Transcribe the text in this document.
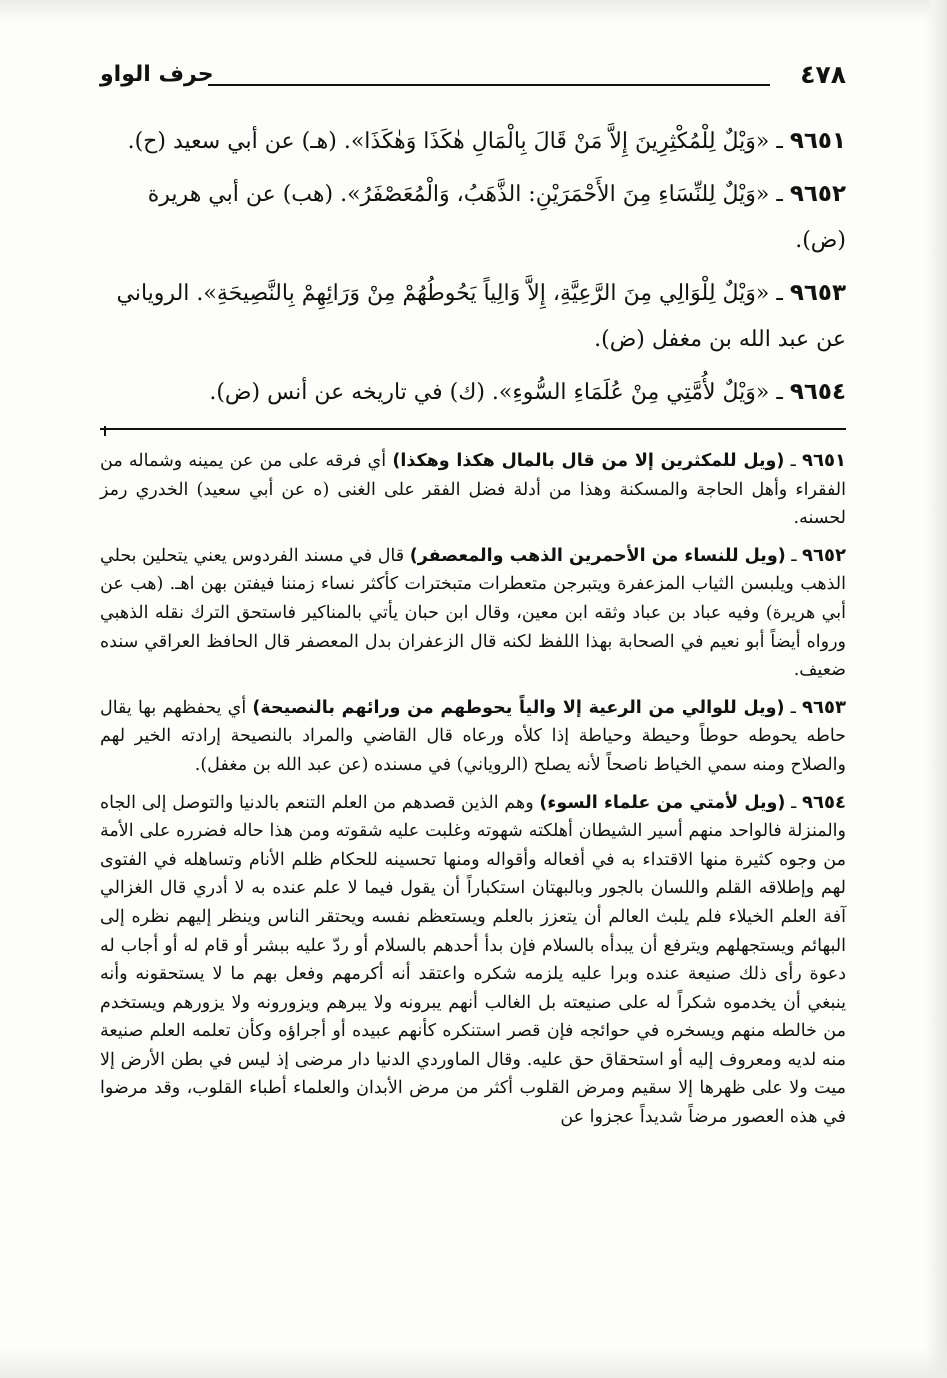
٤٧٨
حرف الواو

٩٦٥١ ـ «وَيْلٌ لِلْمُكْثِرِينَ إِلاَّ مَنْ قَالَ بِالْمَالِ هٰكَذَا وَهٰكَذَا». (هـ) عن أبي سعيد (ح).

٩٦٥٢ ـ «وَيْلٌ لِلنِّسَاءِ مِنَ الأَحْمَرَيْنِ: الذَّهَبُ، وَالْمُعَصْفَرُ». (هب) عن أبي هريرة (ض).

٩٦٥٣ ـ «وَيْلٌ لِلْوَالِي مِنَ الرَّعِيَّةِ، إِلاَّ وَالِياً يَحُوطُهُمْ مِنْ وَرَائِهِمْ بِالنَّصِيحَةِ». الروياني عن عبد الله بن مغفل (ض).

٩٦٥٤ ـ «وَيْلٌ لأُمَّتِي مِنْ عُلَمَاءِ السُّوءِ». (ك) في تاريخه عن أنس (ض).

٩٦٥١ ـ (ويل للمكثرين إلا من قال بالمال هكذا وهكذا) أي فرقه على من عن يمينه وشماله من الفقراء وأهل الحاجة والمسكنة وهذا من أدلة فضل الفقر على الغنى (ه عن أبي سعيد) الخدري رمز لحسنه.

٩٦٥٢ ـ (ويل للنساء من الأحمرين الذهب والمعصفر) قال في مسند الفردوس يعني يتحلين بحلي الذهب ويلبسن الثياب المزعفرة ويتبرجن متعطرات متبخترات كأكثر نساء زمننا فيفتن بهن اهـ. (هب عن أبي هريرة) وفيه عباد بن عباد وثقه ابن معين، وقال ابن حبان يأتي بالمناكير فاستحق الترك نقله الذهبي ورواه أيضاً أبو نعيم في الصحابة بهذا اللفظ لكنه قال الزعفران بدل المعصفر قال الحافظ العراقي سنده ضعيف.

٩٦٥٣ ـ (ويل للوالي من الرعية إلا والياً يحوطهم من ورائهم بالنصيحة) أي يحفظهم بها يقال حاطه يحوطه حوطاً وحيطة وحياطة إذا كلأه ورعاه قال القاضي والمراد بالنصيحة إرادته الخير لهم والصلاح ومنه سمي الخياط ناصحاً لأنه يصلح (الروياني) في مسنده (عن عبد الله بن مغفل).

٩٦٥٤ ـ (ويل لأمتي من علماء السوء) وهم الذين قصدهم من العلم التنعم بالدنيا والتوصل إلى الجاه والمنزلة فالواحد منهم أسير الشيطان أهلكته شهوته وغلبت عليه شقوته ومن هذا حاله فضرره على الأمة من وجوه كثيرة منها الاقتداء به في أفعاله وأقواله ومنها تحسينه للحكام ظلم الأنام وتساهله في الفتوى لهم وإطلاقه القلم واللسان بالجور وبالبهتان استكباراً أن يقول فيما لا علم عنده به لا أدري قال الغزالي آفة العلم الخيلاء فلم يلبث العالم أن يتعزز بالعلم ويستعظم نفسه ويحتقر الناس وينظر إليهم نظره إلى البهائم ويستجهلهم ويترفع أن يبدأه بالسلام فإن بدأ أحدهم بالسلام أو ردّ عليه ببشر أو قام له أو أجاب له دعوة رأى ذلك صنيعة عنده وبرا عليه يلزمه شكره واعتقد أنه أكرمهم وفعل بهم ما لا يستحقونه وأنه ينبغي أن يخدموه شكراً له على صنيعته بل الغالب أنهم يبرونه ولا يبرهم ويزورونه ولا يزورهم ويستخدم من خالطه منهم ويسخره في حوائجه فإن قصر استنكره كأنهم عبيده أو أجراؤه وكأن تعلمه العلم صنيعة منه لديه ومعروف إليه أو استحقاق حق عليه. وقال الماوردي الدنيا دار مرضى إذ ليس في بطن الأرض إلا ميت ولا على ظهرها إلا سقيم ومرض القلوب أكثر من مرض الأبدان والعلماء أطباء القلوب، وقد مرضوا في هذه العصور مرضاً شديداً عجزوا عن
